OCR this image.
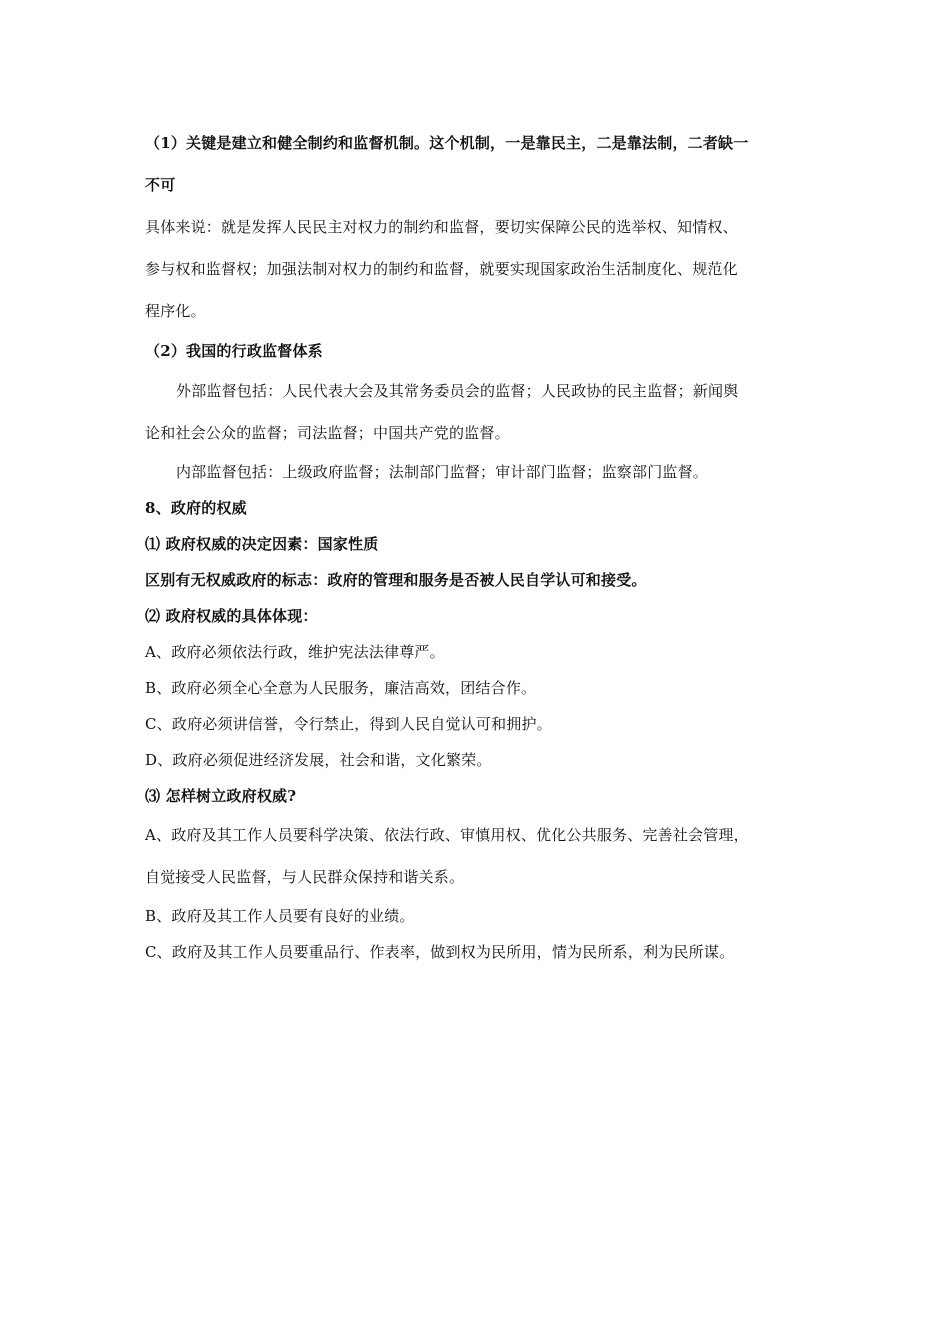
（1）关键是建立和健全制约和监督机制。这个机制，一是靠民主，二是靠法制，二者缺一
不可
具体来说：就是发挥人民民主对权力的制约和监督，要切实保障公民的选举权、知情权、
参与权和监督权；加强法制对权力的制约和监督，就要实现国家政治生活制度化、规范化
程序化。
（2）我国的行政监督体系
外部监督包括：人民代表大会及其常务委员会的监督；人民政协的民主监督；新闻舆
论和社会公众的监督；司法监督；中国共产党的监督。
内部监督包括：上级政府监督；法制部门监督；审计部门监督；监察部门监督。
8、政府的权威
⑴ 政府权威的决定因素：国家性质
区别有无权威政府的标志：政府的管理和服务是否被人民自学认可和接受。
⑵ 政府权威的具体体现：
A、政府必须依法行政，维护宪法法律尊严。
B、政府必须全心全意为人民服务，廉洁高效，团结合作。
C、政府必须讲信誉，令行禁止，得到人民自觉认可和拥护。
D、政府必须促进经济发展，社会和谐，文化繁荣。
⑶ 怎样树立政府权威?
A、政府及其工作人员要科学决策、依法行政、审慎用权、优化公共服务、完善社会管理，
自觉接受人民监督，与人民群众保持和谐关系。
B、政府及其工作人员要有良好的业绩。
C、政府及其工作人员要重品行、作表率，做到权为民所用，情为民所系，利为民所谋。
